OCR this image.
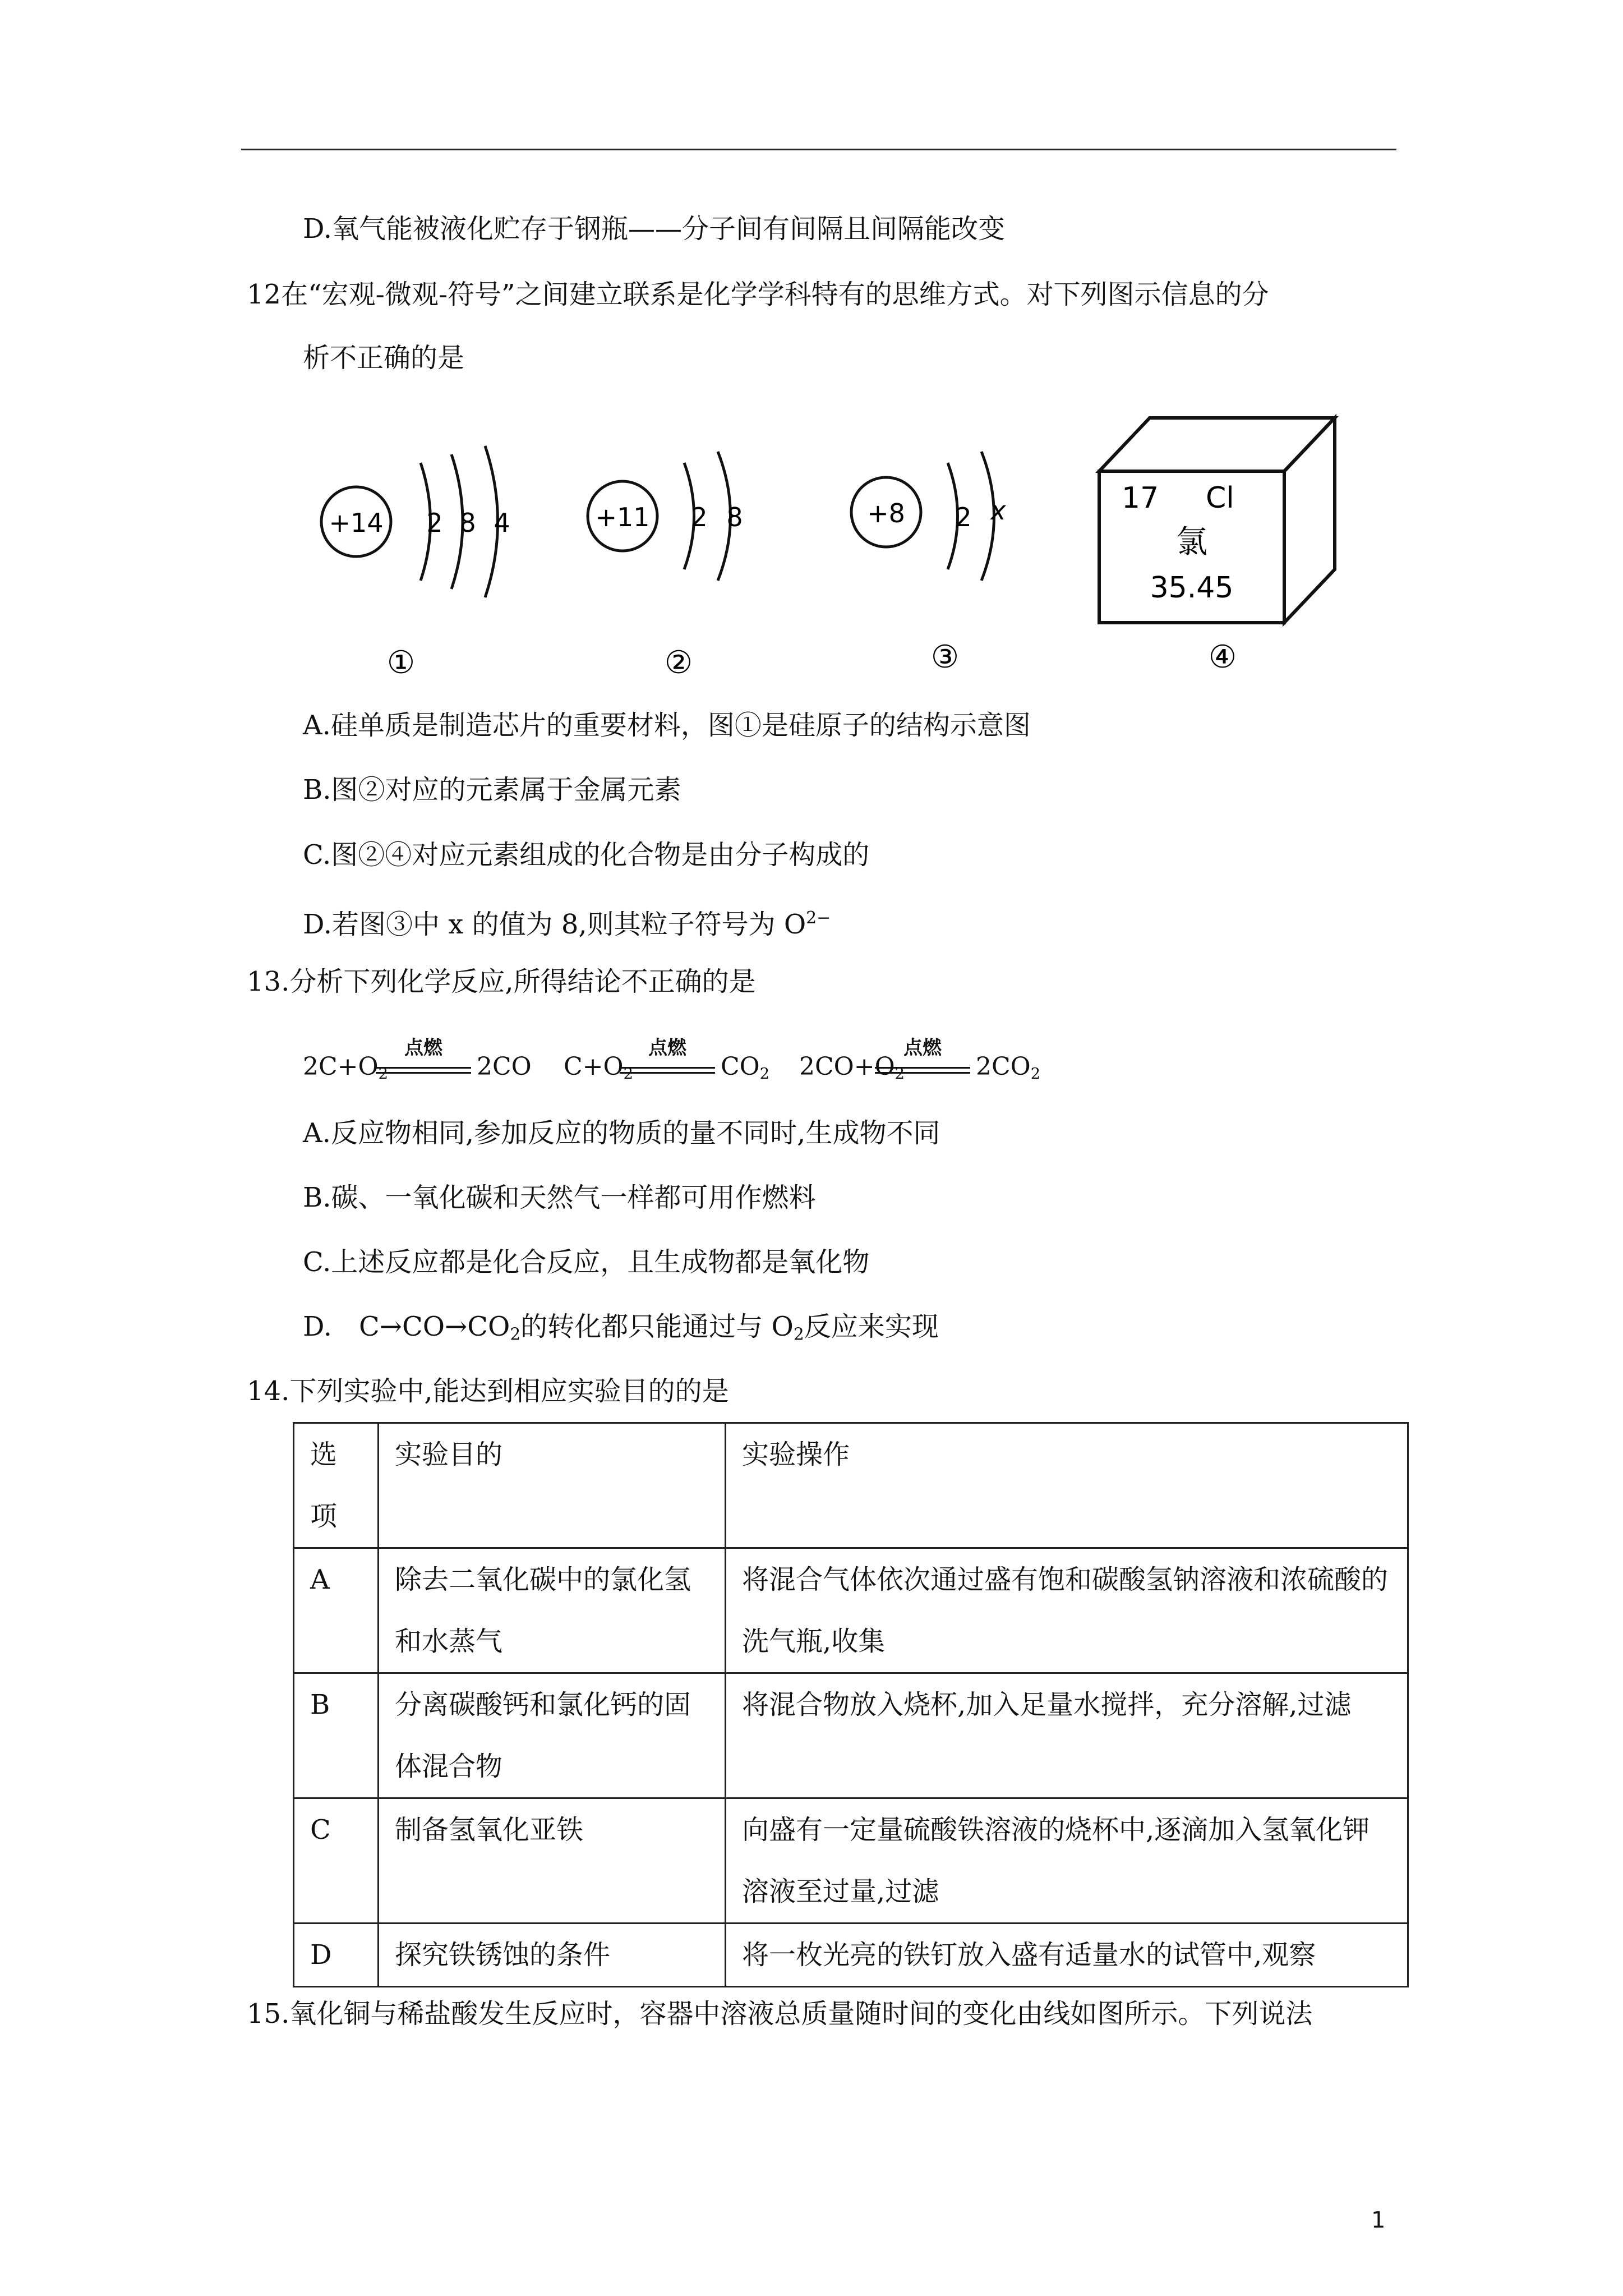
D.氧气能被液化贮存于钢瓶——分子间有间隔且间隔能改变
12在“宏观-微观-符号”之间建立联系是化学学科特有的思维方式。对下列图示信息的分
析不正确的是
+14 2 8 4
①
+11 2 8
②
+8 2 x
③
17 Cl
氯
35.45
④
A.硅单质是制造芯片的重要材料，图①是硅原子的结构示意图
B.图②对应的元素属于金属元素
C.图②④对应元素组成的化合物是由分子构成的
D.若图③中 x 的值为 8,则其粒子符号为 $O^{2-}$
13.分析下列化学反应,所得结论不正确的是
$2C+O_2$
点燃
2CO $C+O_2$
点燃
$CO_2$ $2CO+O_2$
点燃
$2CO_2$
A.反应物相同,参加反应的物质的量不同时,生成物不同
B.碳、一氧化碳和天然气一样都可用作燃料
C.上述反应都是化合反应，且生成物都是氧化物
D.　$C\to CO\to CO_2$的转化都只能通过与 $O_2$反应来实现
14.下列实验中,能达到相应实验目的的是
选项	实验目的	实验操作
A	除去二氧化碳中的氯化氢和水蒸气	将混合气体依次通过盛有饱和碳酸氢钠溶液和浓硫酸的洗气瓶,收集
B	分离碳酸钙和氯化钙的固体混合物	将混合物放入烧杯,加入足量水搅拌，充分溶解,过滤
C	制备氢氧化亚铁	向盛有一定量硫酸铁溶液的烧杯中,逐滴加入氢氧化钾溶液至过量,过滤
D	探究铁锈蚀的条件	将一枚光亮的铁钉放入盛有适量水的试管中,观察
15.氧化铜与稀盐酸发生反应时，容器中溶液总质量随时间的变化由线如图所示。下列说法
1
